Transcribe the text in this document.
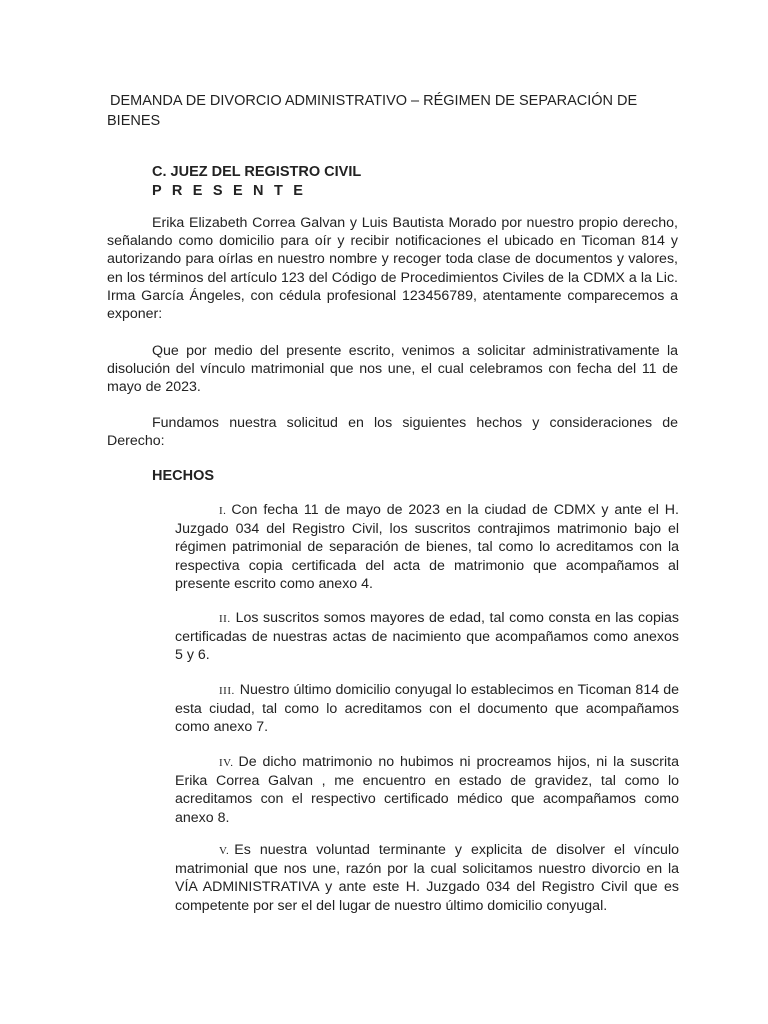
DEMANDA DE DIVORCIO ADMINISTRATIVO – RÉGIMEN DE SEPARACIÓN DE BIENES
C. JUEZ DEL REGISTRO CIVIL
P R E S E N T E
Erika Elizabeth Correa Galvan y Luis Bautista Morado por nuestro propio derecho, señalando como domicilio para oír y recibir notificaciones el ubicado en Ticoman 814 y autorizando para oírlas en nuestro nombre y recoger toda clase de documentos y valores, en los términos del artículo 123 del Código de Procedimientos Civiles de la CDMX a la Lic. Irma García Ángeles, con cédula profesional 123456789, atentamente comparecemos a exponer:
Que por medio del presente escrito, venimos a solicitar administrativamente la disolución del vínculo matrimonial que nos une, el cual celebramos con fecha del 11 de mayo de 2023.
Fundamos nuestra solicitud en los siguientes hechos y consideraciones de Derecho:
HECHOS
I. Con fecha 11 de mayo de 2023 en la ciudad de CDMX y ante el H. Juzgado 034 del Registro Civil, los suscritos contrajimos matrimonio bajo el régimen patrimonial de separación de bienes, tal como lo acreditamos con la respectiva copia certificada del acta de matrimonio que acompañamos al presente escrito como anexo 4.
II. Los suscritos somos mayores de edad, tal como consta en las copias certificadas de nuestras actas de nacimiento que acompañamos como anexos 5 y 6.
III. Nuestro último domicilio conyugal lo establecimos en Ticoman 814 de esta ciudad, tal como lo acreditamos con el documento que acompañamos como anexo 7.
IV. De dicho matrimonio no hubimos ni procreamos hijos, ni la suscrita Erika Correa Galvan , me encuentro en estado de gravidez, tal como lo acreditamos con el respectivo certificado médico que acompañamos como anexo 8.
V. Es nuestra voluntad terminante y explicita de disolver el vínculo matrimonial que nos une, razón por la cual solicitamos nuestro divorcio en la VÍA ADMINISTRATIVA y ante este H. Juzgado 034 del Registro Civil que es competente por ser el del lugar de nuestro último domicilio conyugal.
